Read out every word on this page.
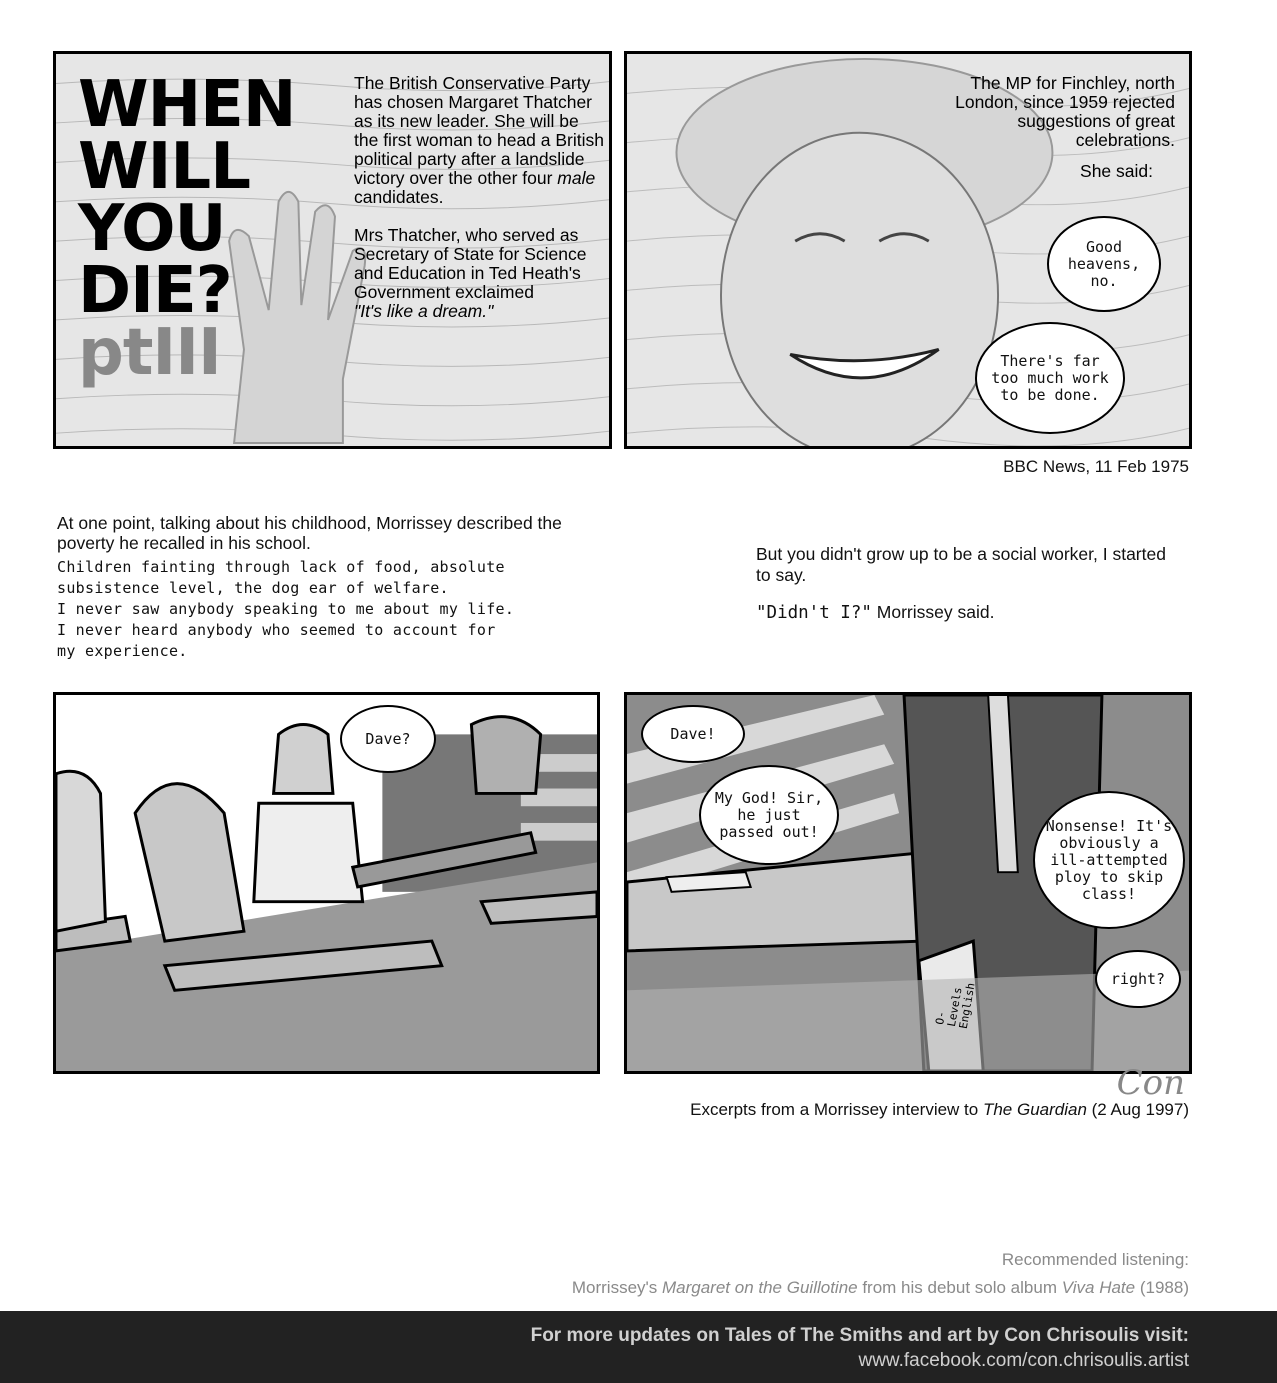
WHEN
WILL
YOU
DIE?
ptIII

The British Conservative Party has chosen Margaret Thatcher as its new leader. She will be the first woman to head a British political party after a landslide victory over the other four male candidates.

Mrs Thatcher, who served as Secretary of State for Science and Education in Ted Heath's Government exclaimed
"It's like a dream."
The MP for Finchley, north London, since 1959 rejected suggestions of great celebrations.
She said:
Good heavens, no.
There's far too much work to be done.
BBC News, 11 Feb 1975
At one point, talking about his childhood, Morrissey described the poverty he recalled in his school.
Children fainting through lack of food, absolute
subsistence level, the dog ear of welfare.
I never saw anybody speaking to me about my life.
I never heard anybody who seemed to account for
my experience.
But you didn't grow up to be a social worker, I started to say.
"Didn't I?" Morrissey said.
Dave?	Dave!
My God! Sir, he just passed out!	Nonsense! It's obviously a ill-attempted ploy to skip class!
right?
O-Levels English
Con
Excerpts from a Morrissey interview to The Guardian (2 Aug 1997)
Recommended listening:
Morrissey's Margaret on the Guillotine from his debut solo album Viva Hate (1988)
For more updates on Tales of The Smiths and art by Con Chrisoulis visit:
www.facebook.com/con.chrisoulis.artist
